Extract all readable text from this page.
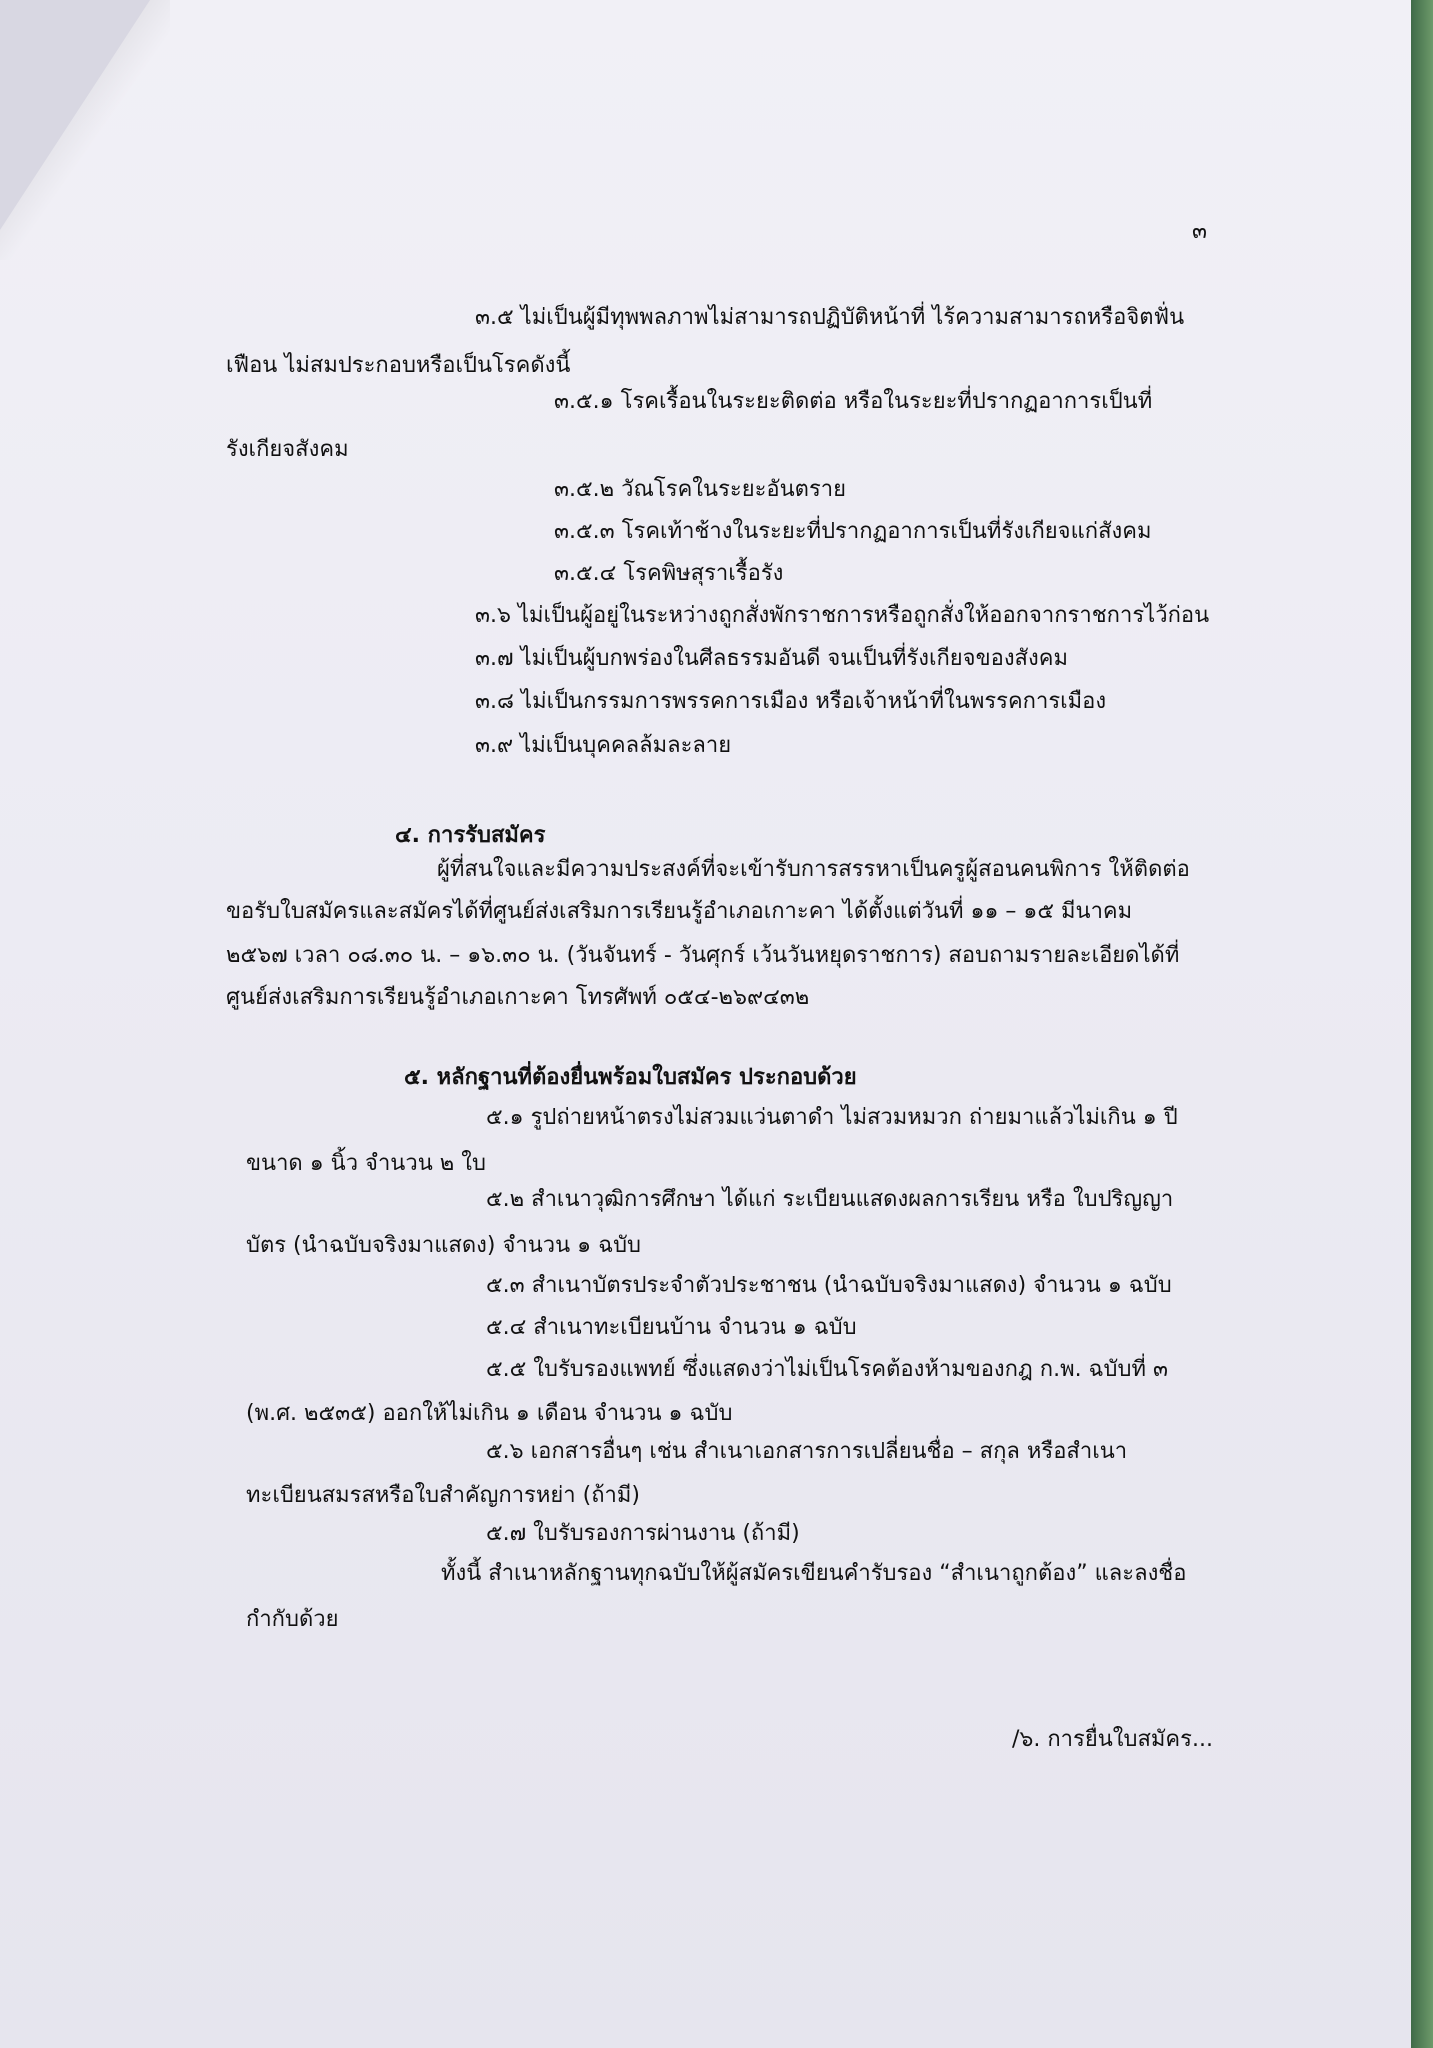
๓
๓.๕ ไม่เป็นผู้มีทุพพลภาพไม่สามารถปฏิบัติหน้าที่ ไร้ความสามารถหรือจิตฟั่น
เฟือน ไม่สมประกอบหรือเป็นโรคดังนี้
๓.๕.๑ โรคเรื้อนในระยะติดต่อ หรือในระยะที่ปรากฏอาการเป็นที่
รังเกียจสังคม
๓.๕.๒ วัณโรคในระยะอันตราย
๓.๕.๓ โรคเท้าช้างในระยะที่ปรากฏอาการเป็นที่รังเกียจแก่สังคม
๓.๕.๔ โรคพิษสุราเรื้อรัง
๓.๖ ไม่เป็นผู้อยู่ในระหว่างถูกสั่งพักราชการหรือถูกสั่งให้ออกจากราชการไว้ก่อน
๓.๗ ไม่เป็นผู้บกพร่องในศีลธรรมอันดี จนเป็นที่รังเกียจของสังคม
๓.๘ ไม่เป็นกรรมการพรรคการเมือง หรือเจ้าหน้าที่ในพรรคการเมือง
๓.๙ ไม่เป็นบุคคลล้มละลาย
๔. การรับสมัคร
ผู้ที่สนใจและมีความประสงค์ที่จะเข้ารับการสรรหาเป็นครูผู้สอนคนพิการ ให้ติดต่อ
ขอรับใบสมัครและสมัครได้ที่ศูนย์ส่งเสริมการเรียนรู้อำเภอเกาะคา ได้ตั้งแต่วันที่ ๑๑ – ๑๕ มีนาคม
๒๕๖๗ เวลา ๐๘.๓๐ น. – ๑๖.๓๐ น. (วันจันทร์ - วันศุกร์ เว้นวันหยุดราชการ) สอบถามรายละเอียดได้ที่
ศูนย์ส่งเสริมการเรียนรู้อำเภอเกาะคา โทรศัพท์ ๐๕๔-๒๖๙๔๓๒
๕. หลักฐานที่ต้องยื่นพร้อมใบสมัคร ประกอบด้วย
๕.๑ รูปถ่ายหน้าตรงไม่สวมแว่นตาดำ ไม่สวมหมวก ถ่ายมาแล้วไม่เกิน ๑ ปี
ขนาด ๑ นิ้ว จำนวน ๒ ใบ
๕.๒ สำเนาวุฒิการศึกษา ได้แก่ ระเบียนแสดงผลการเรียน หรือ ใบปริญญา
บัตร (นำฉบับจริงมาแสดง) จำนวน ๑ ฉบับ
๕.๓ สำเนาบัตรประจำตัวประชาชน (นำฉบับจริงมาแสดง) จำนวน ๑ ฉบับ
๕.๔ สำเนาทะเบียนบ้าน จำนวน ๑ ฉบับ
๕.๕ ใบรับรองแพทย์ ซึ่งแสดงว่าไม่เป็นโรคต้องห้ามของกฎ ก.พ. ฉบับที่ ๓
(พ.ศ. ๒๕๓๕) ออกให้ไม่เกิน ๑ เดือน จำนวน ๑ ฉบับ
๕.๖ เอกสารอื่นๆ เช่น สำเนาเอกสารการเปลี่ยนชื่อ – สกุล หรือสำเนา
ทะเบียนสมรสหรือใบสำคัญการหย่า (ถ้ามี)
๕.๗ ใบรับรองการผ่านงาน (ถ้ามี)
ทั้งนี้ สำเนาหลักฐานทุกฉบับให้ผู้สมัครเขียนคำรับรอง “สำเนาถูกต้อง” และลงชื่อ
กำกับด้วย
/๖. การยื่นใบสมัคร...
